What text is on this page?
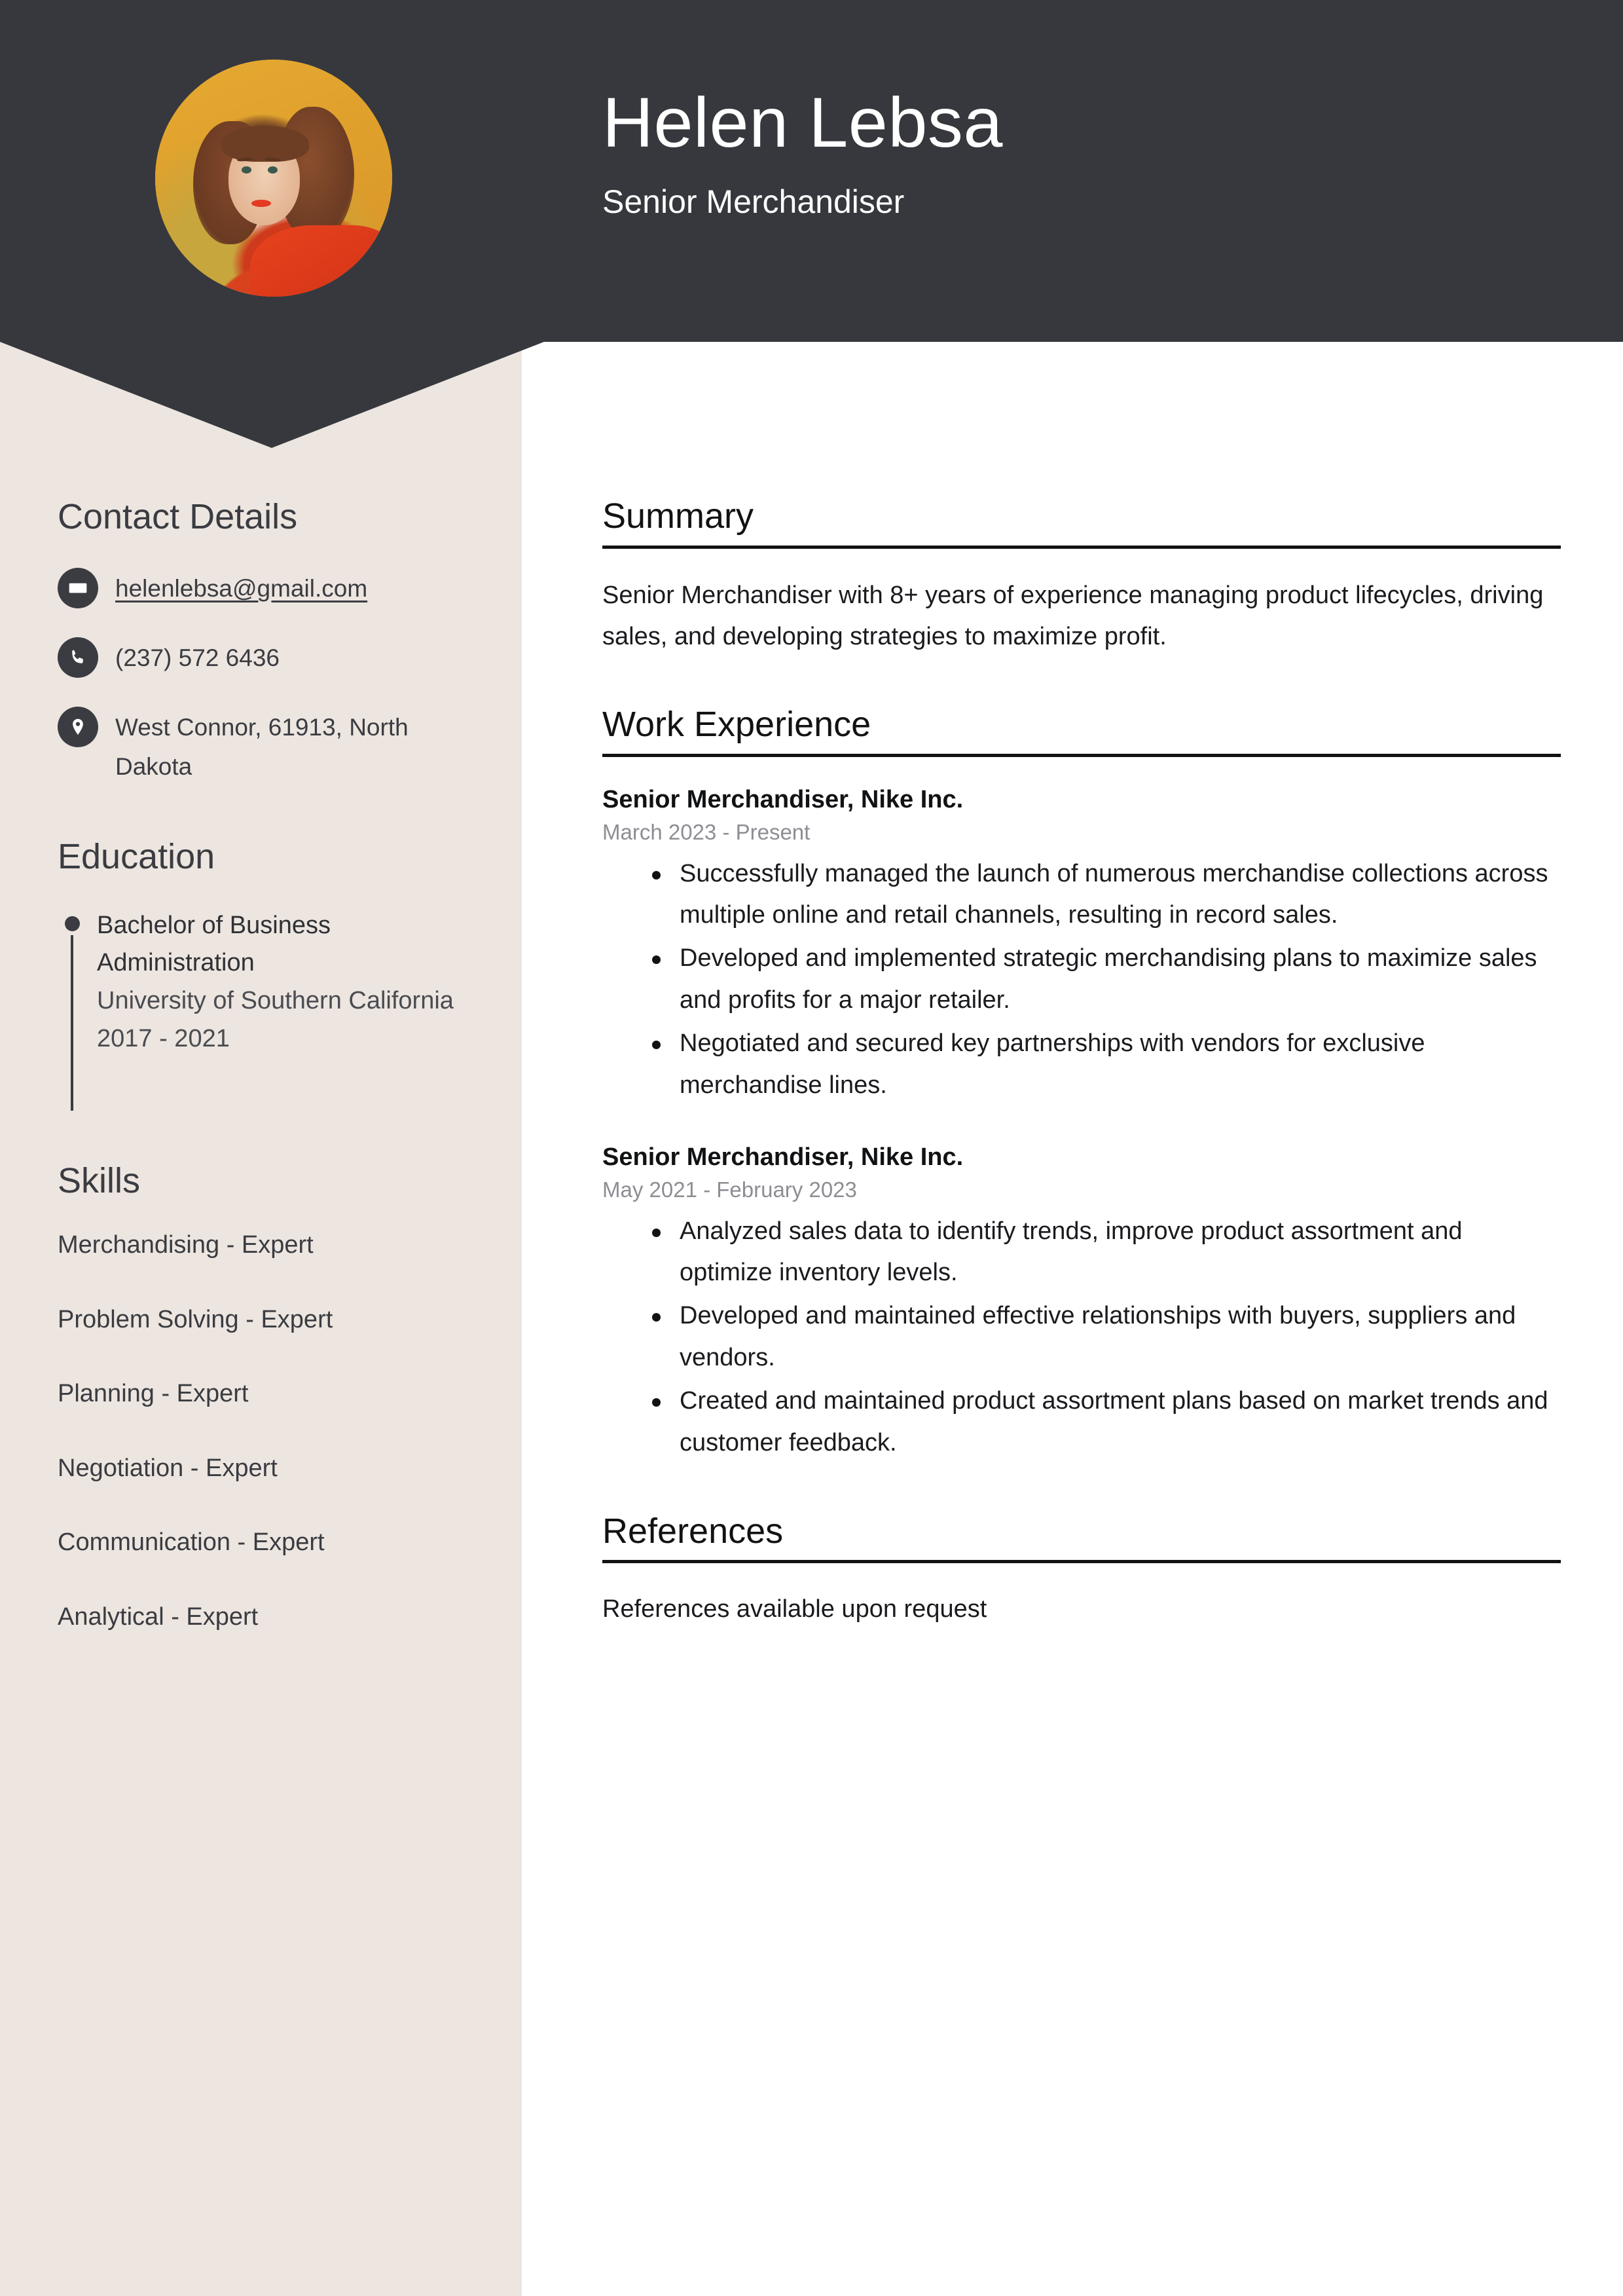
Helen Lebsa
Senior Merchandiser
Contact Details
helenlebsa@gmail.com
(237) 572 6436
West Connor, 61913, North Dakota
Education
Bachelor of Business Administration
University of Southern California
2017 - 2021
Skills
Merchandising - Expert
Problem Solving - Expert
Planning - Expert
Negotiation - Expert
Communication - Expert
Analytical - Expert
Summary

Senior Merchandiser with 8+ years of experience managing product lifecycles, driving sales, and developing strategies to maximize profit.

Work Experience
Senior Merchandiser, Nike Inc.
March 2023 - Present
Successfully managed the launch of numerous merchandise collections across multiple online and retail channels, resulting in record sales.
Developed and implemented strategic merchandising plans to maximize sales and profits for a major retailer.
Negotiated and secured key partnerships with vendors for exclusive merchandise lines.
Senior Merchandiser, Nike Inc.
May 2021 - February 2023
Analyzed sales data to identify trends, improve product assortment and optimize inventory levels.
Developed and maintained effective relationships with buyers, suppliers and vendors.
Created and maintained product assortment plans based on market trends and customer feedback.
References

References available upon request
